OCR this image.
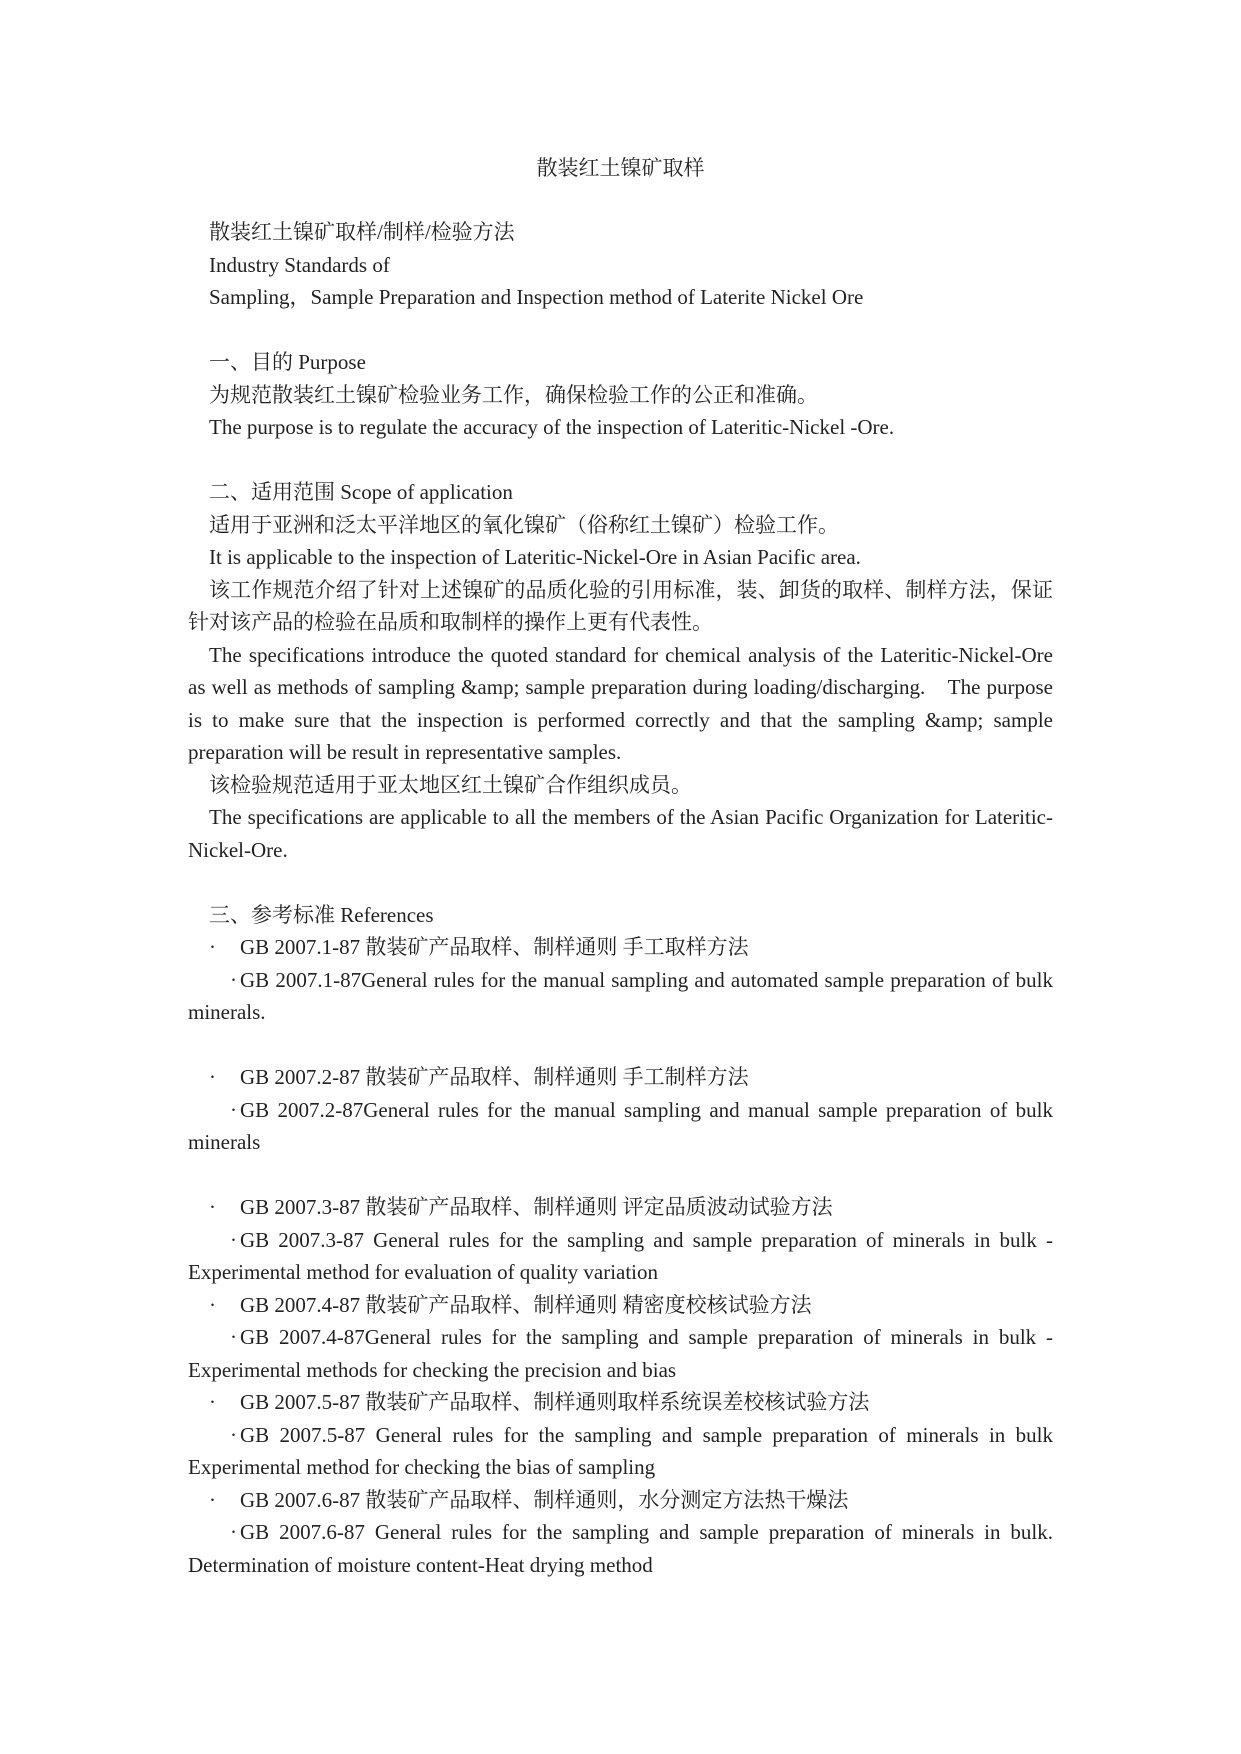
散装红土镍矿取样
散装红土镍矿取样/制样/检验方法
Industry Standards of
Sampling，Sample Preparation and Inspection method of Laterite Nickel Ore
一、目的 Purpose
为规范散装红土镍矿检验业务工作，确保检验工作的公正和准确。
The purpose is to regulate the accuracy of the inspection of Lateritic-Nickel -Ore.
二、适用范围 Scope of application
适用于亚洲和泛太平洋地区的氧化镍矿（俗称红土镍矿）检验工作。
It is applicable to the inspection of Lateritic-Nickel-Ore in Asian Pacific area.
该工作规范介绍了针对上述镍矿的品质化验的引用标准，装、卸货的取样、制样方法，保证针对该产品的检验在品质和取制样的操作上更有代表性。
The specifications introduce the quoted standard for chemical analysis of the Lateritic-Nickel-Ore as well as methods of sampling &amp; sample preparation during loading/discharging.　The purpose is to make sure that the inspection is performed correctly and that the sampling &amp; sample preparation will be result in representative samples.
该检验规范适用于亚太地区红土镍矿合作组织成员。
The specifications are applicable to all the members of the Asian Pacific Organization for Lateritic-Nickel-Ore.
三、参考标准 References
· GB 2007.1-87 散装矿产品取样、制样通则 手工取样方法
· GB 2007.1-87General rules for the manual sampling and automated sample preparation of bulk minerals.
· GB 2007.2-87 散装矿产品取样、制样通则 手工制样方法
· GB 2007.2-87General rules for the manual sampling and manual sample preparation of bulk minerals
· GB 2007.3-87 散装矿产品取样、制样通则 评定品质波动试验方法
· GB 2007.3-87 General rules for the sampling and sample preparation of minerals in bulk - Experimental method for evaluation of quality variation
· GB 2007.4-87 散装矿产品取样、制样通则 精密度校核试验方法
· GB 2007.4-87General rules for the sampling and sample preparation of minerals in bulk - Experimental methods for checking the precision and bias
· GB 2007.5-87 散装矿产品取样、制样通则取样系统误差校核试验方法
· GB 2007.5-87 General rules for the sampling and sample preparation of minerals in bulk Experimental method for checking the bias of sampling
· GB 2007.6-87 散装矿产品取样、制样通则，水分测定方法热干燥法
· GB 2007.6-87 General rules for the sampling and sample preparation of minerals in bulk. Determination of moisture content-Heat drying method
